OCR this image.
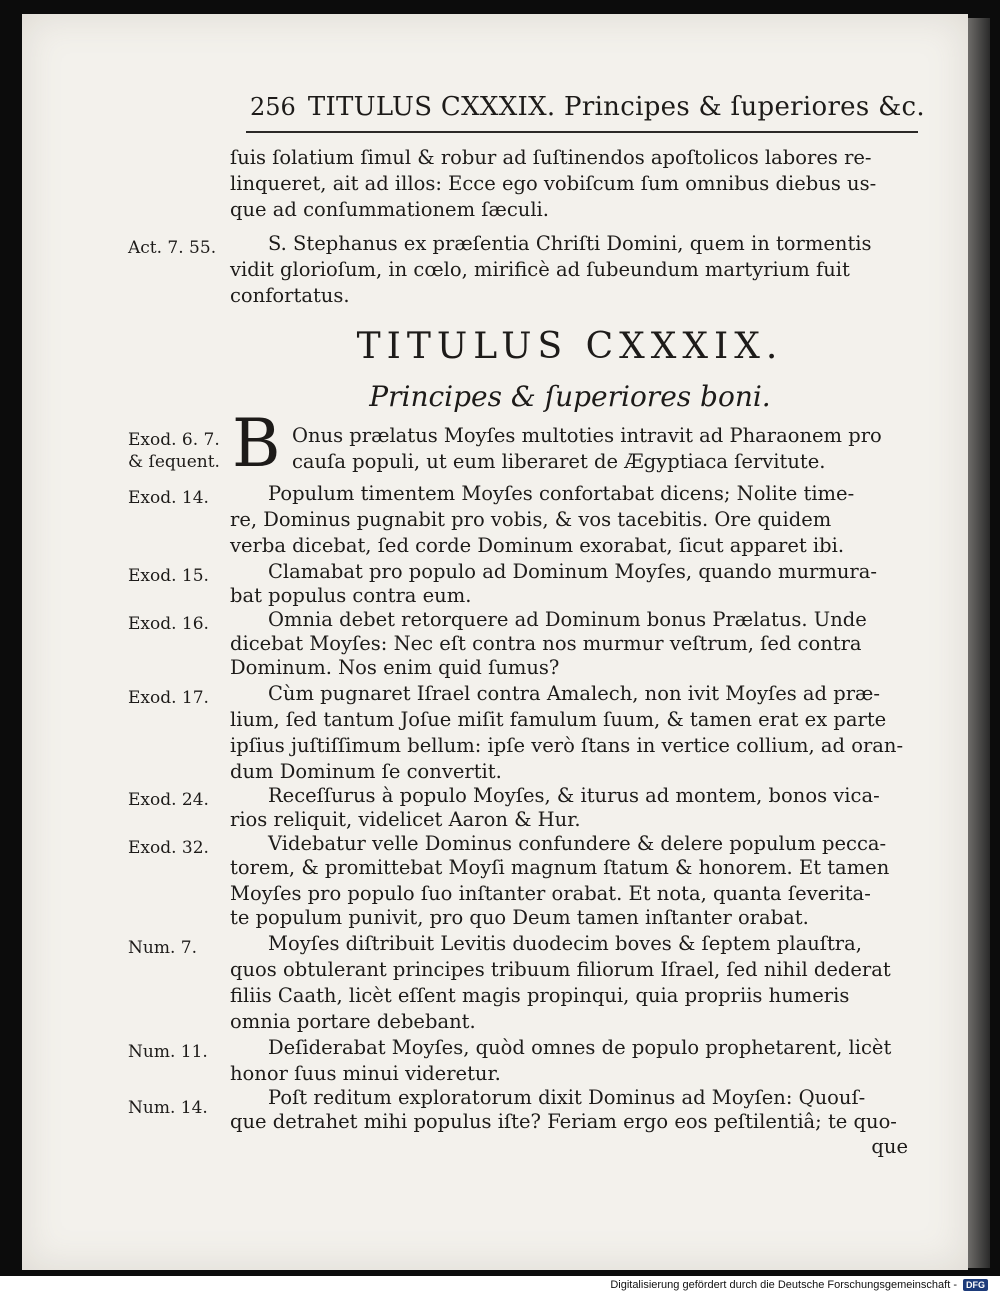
256 TITULUS CXXXIX. Principes & ſuperiores &c.
ſuis ſolatium ſimul & robur ad ſuſtinendos apoſtolicos labores re-
linqueret, ait ad illos: Ecce ego vobiſcum ſum omnibus diebus us-
que ad conſummationem ſæculi.
Act. 7. 55.	S. Stephanus ex præſentia Chriſti Domini, quem in tormentis
vidit glorioſum, in cœlo, mirificè ad ſubeundum martyrium fuit
confortatus.
TITULUS CXXXIX.
Principes & ſuperiores boni.
B
Exod. 6. 7.
& ſequent.
Exod. 14.
Exod. 15.
Exod. 16.
Exod. 17.
Exod. 24.
Exod. 32.
Num. 7.
Num. 11.
Num. 14.
Onus prælatus Moyſes multoties intravit ad Pharaonem pro
cauſa populi, ut eum liberaret de Ægyptiaca ſervitute.
Populum timentem Moyſes confortabat dicens; Nolite time-
re, Dominus pugnabit pro vobis, & vos tacebitis. Ore quidem
verba dicebat, ſed corde Dominum exorabat, ſicut apparet ibi.
Clamabat pro populo ad Dominum Moyſes, quando murmura-
bat populus contra eum.
Omnia debet retorquere ad Dominum bonus Prælatus. Unde
dicebat Moyſes: Nec eſt contra nos murmur veſtrum, ſed contra
Dominum. Nos enim quid ſumus?
Cùm pugnaret Iſrael contra Amalech, non ivit Moyſes ad præ-
lium, ſed tantum Joſue miſit famulum ſuum, & tamen erat ex parte
ipſius juſtiſſimum bellum: ipſe verò ſtans in vertice collium, ad oran-
dum Dominum ſe convertit.
Receſſurus à populo Moyſes, & iturus ad montem, bonos vica-
rios reliquit, videlicet Aaron & Hur.
Videbatur velle Dominus confundere & delere populum pecca-
torem, & promittebat Moyſi magnum ſtatum & honorem. Et tamen
Moyſes pro populo ſuo inſtanter orabat. Et nota, quanta ſeverita-
te populum punivit, pro quo Deum tamen inſtanter orabat.
Moyſes diſtribuit Levitis duodecim boves & ſeptem plauſtra,
quos obtulerant principes tribuum filiorum Iſrael, ſed nihil dederat
filiis Caath, licèt eſſent magis propinqui, quia propriis humeris
omnia portare debebant.
Deſiderabat Moyſes, quòd omnes de populo prophetarent, licèt
honor ſuus minui videretur.
Poſt reditum exploratorum dixit Dominus ad Moyſen: Quouſ-
que detrahet mihi populus iſte? Feriam ergo eos peſtilentiâ; te quo-
que
Digitalisierung gefördert durch die Deutsche Forschungsgemeinschaft -	DFG
